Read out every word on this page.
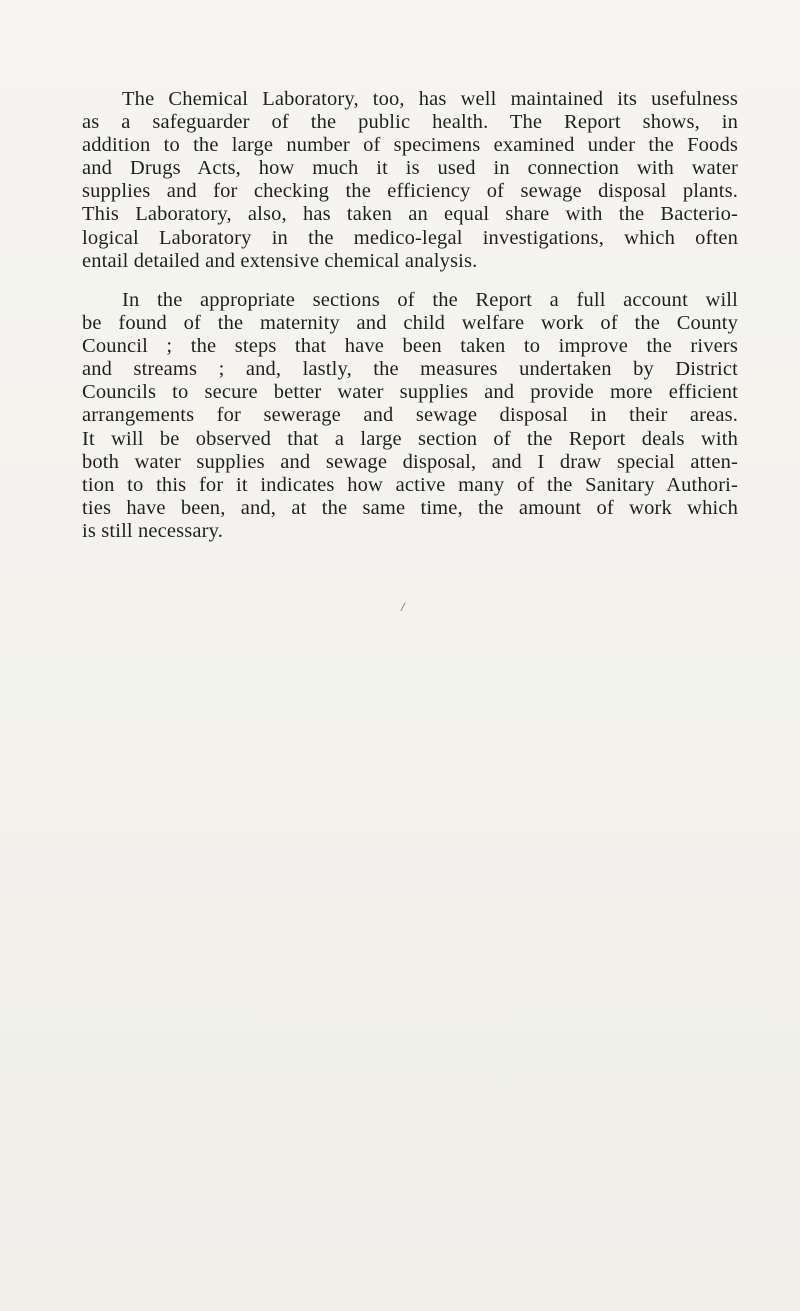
The Chemical Laboratory, too, has well maintained its usefulness
as a safeguarder of the public health. The Report shows, in
addition to the large number of specimens examined under the Foods
and Drugs Acts, how much it is used in connection with water
supplies and for checking the efficiency of sewage disposal plants.
This Laboratory, also, has taken an equal share with the Bacterio-
logical Laboratory in the medico-legal investigations, which often
entail detailed and extensive chemical analysis.
In the appropriate sections of the Report a full account will
be found of the maternity and child welfare work of the County
Council ; the steps that have been taken to improve the rivers
and streams ; and, lastly, the measures undertaken by District
Councils to secure better water supplies and provide more efficient
arrangements for sewerage and sewage disposal in their areas.
It will be observed that a large section of the Report deals with
both water supplies and sewage disposal, and I draw special atten-
tion to this for it indicates how active many of the Sanitary Authori-
ties have been, and, at the same time, the amount of work which
is still necessary.
/
